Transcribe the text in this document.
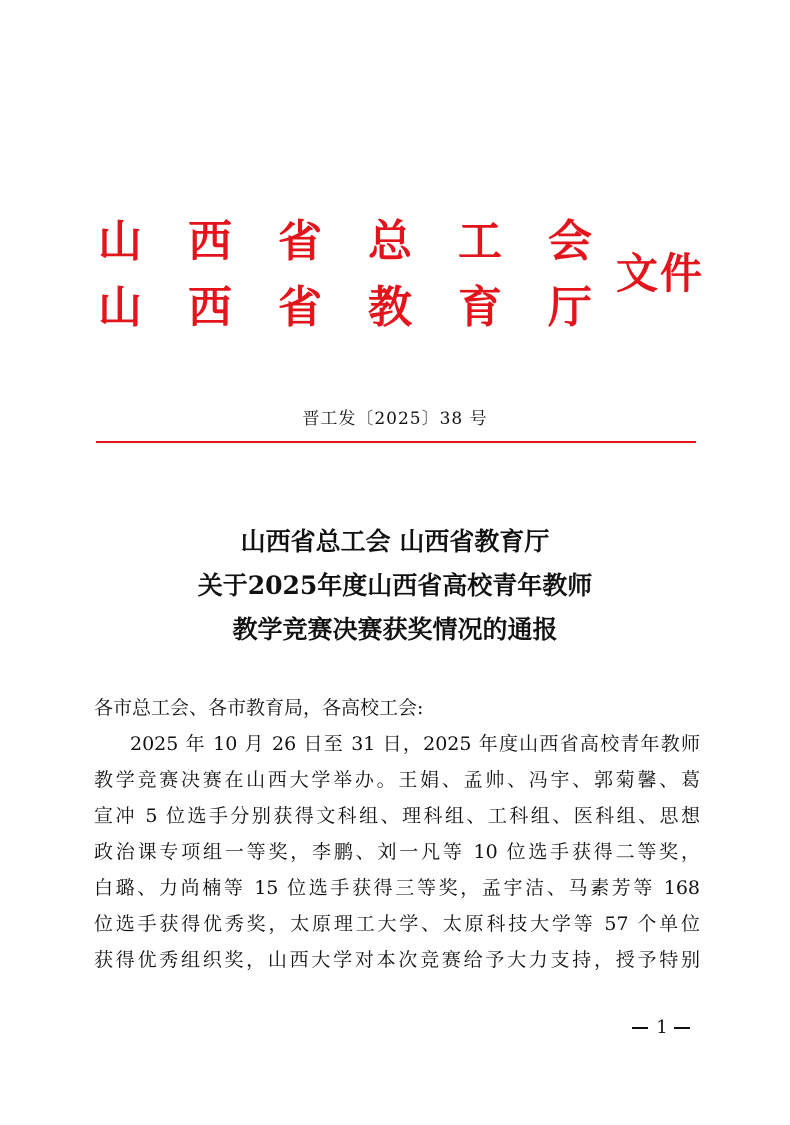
山 西 省 总 工 会
山 西 省 教 育 厅
文件
晋工发〔2025〕38 号
山西省总工会 山西省教育厅
关于2025年度山西省高校青年教师
教学竞赛决赛获奖情况的通报

各市总工会、各市教育局，各高校工会:

2025 年 10 月 26 日至 31 日，2025 年度山西省高校青年教师

教学竞赛决赛在山西大学举办。王娟、孟帅、冯宇、郭菊馨、葛

宣冲 5 位选手分别获得文科组、理科组、工科组、医科组、思想

政治课专项组一等奖，李鹏、刘一凡等 10 位选手获得二等奖，

白璐、力尚楠等 15 位选手获得三等奖，孟宇洁、马素芳等 168

位选手获得优秀奖，太原理工大学、太原科技大学等 57 个单位

获得优秀组织奖，山西大学对本次竞赛给予大力支持，授予特别

1
